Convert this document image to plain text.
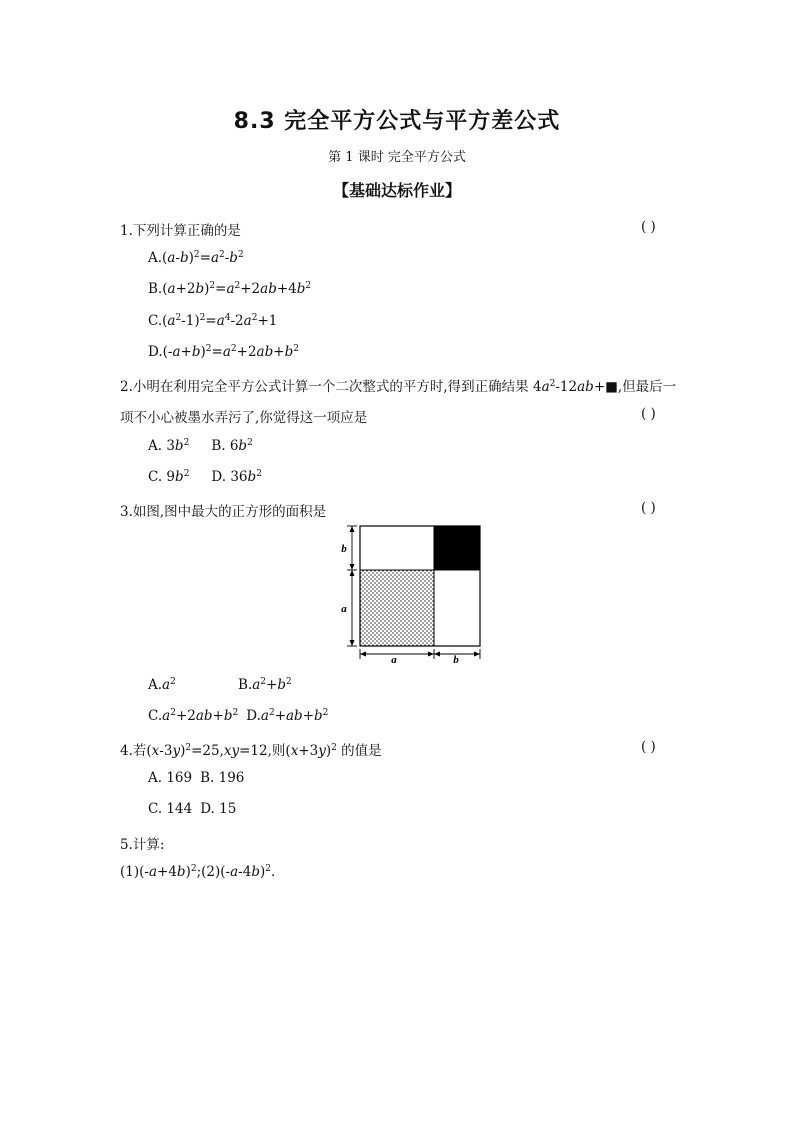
8.3 完全平方公式与平方差公式
第 1 课时 完全平方公式
【基础达标作业】
1.下列计算正确的是	( )
$A.(a-b)^2=a^2-b^2$
$B.(a+2b)^2=a^2+2ab+4b^2$
$C.(a^2-1)^2=a^4-2a^2+1$
$D.(-a+b)^2=a^2+2ab+b^2$
2.小明在利用完全平方公式计算一个二次整式的平方时,得到正确结果 $4a^2-12ab+■$,但最后一
项不小心被墨水弄污了,你觉得这一项应是	( )
A. $3b^2$ B. $6b^2$
C. $9b^2$ D. $36b^2$
3.如图,图中最大的正方形的面积是	( )
b
a
a	b
$A.a^2$	$B.a^2+b^2$
$C.a^2+2ab+b^2$ $D.a^2+ab+b^2$
4.若$(x-3y)^2=25,xy=12$,则$(x+3y)^2$ 的值是	( )
A. 169 B. 196
C. 144 D. 15
5.计算:
$(1)(-a+4b)^2;(2)(-a-4b)^2$.
